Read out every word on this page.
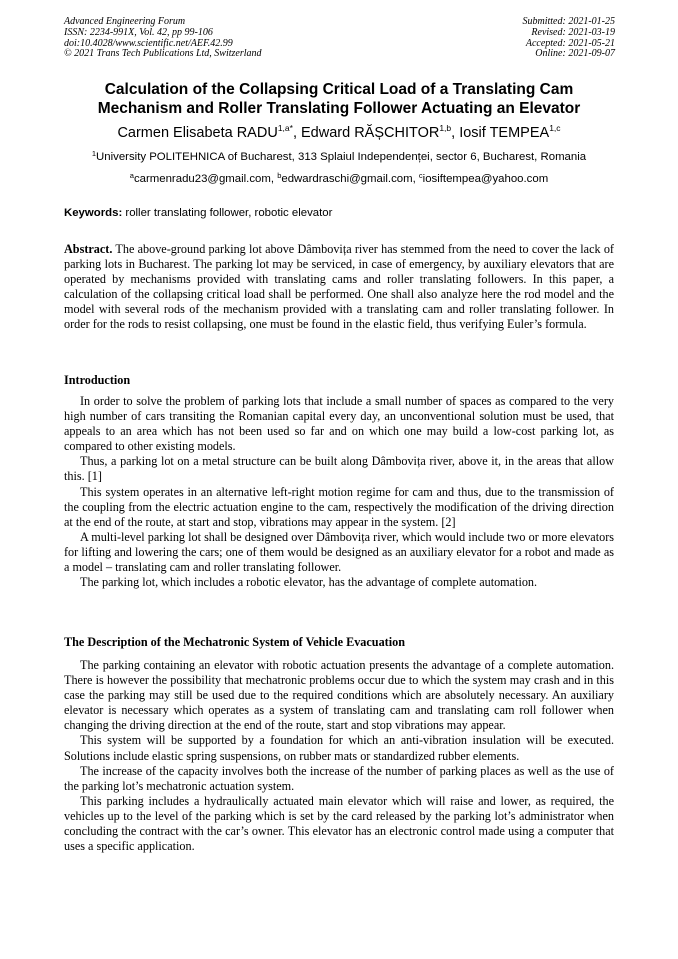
Advanced Engineering Forum
ISSN: 2234-991X, Vol. 42, pp 99-106
doi:10.4028/www.scientific.net/AEF.42.99
© 2021 Trans Tech Publications Ltd, Switzerland
Submitted: 2021-01-25
Revised: 2021-03-19
Accepted: 2021-05-21
Online: 2021-09-07
Calculation of the Collapsing Critical Load of a Translating Cam
Mechanism and Roller Translating Follower Actuating an Elevator
Carmen Elisabeta $RADU^{1,a*}$, Edward RĂȘCHITOR$^{1,b}$, Iosif TEMPEA$^{1,c}$
$^1$University POLITEHNICA of Bucharest, 313 Splaiul Independenței, sector 6, Bucharest, Romania
$^a$carmenradu23@gmail.com, $^b$edwardraschi@gmail.com, $^c$iosiftempea@yahoo.com
Keywords: roller translating follower, robotic elevator
Abstract. The above-ground parking lot above Dâmbovița river has stemmed from the need to cover the lack of parking lots in Bucharest. The parking lot may be serviced, in case of emergency, by auxiliary elevators that are operated by mechanisms provided with translating cams and roller translating followers. In this paper, a calculation of the collapsing critical load shall be performed. One shall also analyze here the rod model and the model with several rods of the mechanism provided with a translating cam and roller translating follower. In order for the rods to resist collapsing, one must be found in the elastic field, thus verifying Euler’s formula.
Introduction

In order to solve the problem of parking lots that include a small number of spaces as compared to the very high number of cars transiting the Romanian capital every day, an unconventional solution must be used, that appeals to an area which has not been used so far and on which one may build a low-cost parking lot, as compared to other existing models.

Thus, a parking lot on a metal structure can be built along Dâmbovița river, above it, in the areas that allow this. [1]

This system operates in an alternative left-right motion regime for cam and thus, due to the transmission of the coupling from the electric actuation engine to the cam, respectively the modification of the driving direction at the end of the route, at start and stop, vibrations may appear in the system. [2]

A multi-level parking lot shall be designed over Dâmbovița river, which would include two or more elevators for lifting and lowering the cars; one of them would be designed as an auxiliary elevator for a robot and made as a model – translating cam and roller translating follower.

The parking lot, which includes a robotic elevator, has the advantage of complete automation.

The Description of the Mechatronic System of Vehicle Evacuation

The parking containing an elevator with robotic actuation presents the advantage of a complete automation. There is however the possibility that mechatronic problems occur due to which the system may crash and in this case the parking may still be used due to the required conditions which are absolutely necessary. An auxiliary elevator is necessary which operates as a system of translating cam and translating cam roll follower when changing the driving direction at the end of the route, start and stop vibrations may appear.

This system will be supported by a foundation for which an anti-vibration insulation will be executed. Solutions include elastic spring suspensions, on rubber mats or standardized rubber elements.

The increase of the capacity involves both the increase of the number of parking places as well as the use of the parking lot’s mechatronic actuation system.

This parking includes a hydraulically actuated main elevator which will raise and lower, as required, the vehicles up to the level of the parking which is set by the card released by the parking lot’s administrator when concluding the contract with the car’s owner. This elevator has an electronic control made using a computer that uses a specific application.
